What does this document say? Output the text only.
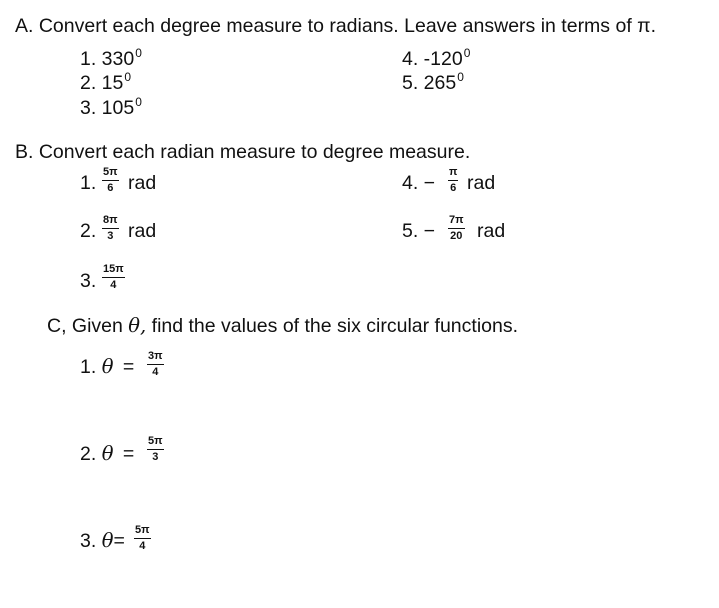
A. Convert each degree measure to radians. Leave answers in terms of π.
1. $330^0$
2. $15^0$
3. $105^0$
4. $-120^0$
5. $265^0$
B. Convert each radian measure to degree measure.
1. $\frac{5\pi}{6}$ rad
2. $\frac{8\pi}{3}$ rad
3. $\frac{15\pi}{4}$
4. − $\frac{\pi}{6}$ rad
5. − $\frac{7\pi}{20}$ rad
C, Given θ, find the values of the six circular functions.
1. $\theta = \frac{3\pi}{4}$
2. $\theta = \frac{5\pi}{3}$
3. $\theta= \frac{5\pi}{4}$
